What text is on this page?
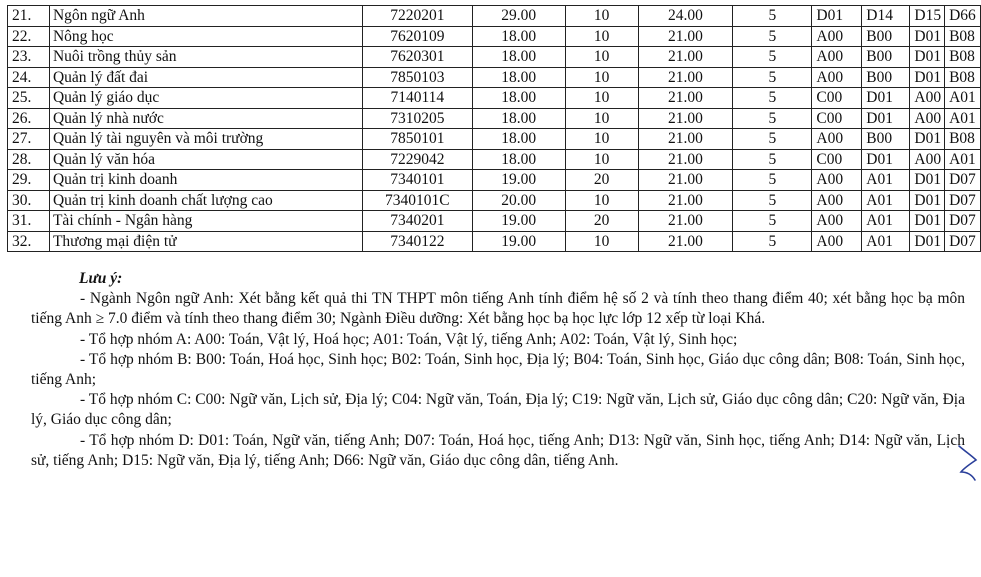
21.	Ngôn ngữ Anh	7220201	29.00	10	24.00	5	D01	D14	D15	D66
22.	Nông học	7620109	18.00	10	21.00	5	A00	B00	D01	B08
23.	Nuôi trồng thủy sản	7620301	18.00	10	21.00	5	A00	B00	D01	B08
24.	Quản lý đất đai	7850103	18.00	10	21.00	5	A00	B00	D01	B08
25.	Quản lý giáo dục	7140114	18.00	10	21.00	5	C00	D01	A00	A01
26.	Quản lý nhà nước	7310205	18.00	10	21.00	5	C00	D01	A00	A01
27.	Quản lý tài nguyên và môi trường	7850101	18.00	10	21.00	5	A00	B00	D01	B08
28.	Quản lý văn hóa	7229042	18.00	10	21.00	5	C00	D01	A00	A01
29.	Quản trị kinh doanh	7340101	19.00	20	21.00	5	A00	A01	D01	D07
30.	Quản trị kinh doanh chất lượng cao	7340101C	20.00	10	21.00	5	A00	A01	D01	D07
31.	Tài chính - Ngân hàng	7340201	19.00	20	21.00	5	A00	A01	D01	D07
32.	Thương mại điện tử	7340122	19.00	10	21.00	5	A00	A01	D01	D07
Lưu ý:

- Ngành Ngôn ngữ Anh: Xét bằng kết quả thi TN THPT môn tiếng Anh tính điểm hệ số 2 và tính theo thang điểm 40; xét bằng học bạ môn tiếng Anh ≥ 7.0 điểm và tính theo thang điểm 30; Ngành Điều dưỡng: Xét bằng học bạ học lực lớp 12 xếp từ loại Khá.

- Tổ hợp nhóm A: A00: Toán, Vật lý, Hoá học; A01: Toán, Vật lý, tiếng Anh; A02: Toán, Vật lý, Sinh học;

- Tổ hợp nhóm B: B00: Toán, Hoá học, Sinh học; B02: Toán, Sinh học, Địa lý; B04: Toán, Sinh học, Giáo dục công dân; B08: Toán, Sinh học, tiếng Anh;

- Tổ hợp nhóm C: C00: Ngữ văn, Lịch sử, Địa lý; C04: Ngữ văn, Toán, Địa lý; C19: Ngữ văn, Lịch sử, Giáo dục công dân; C20: Ngữ văn, Địa lý, Giáo dục công dân;

- Tổ hợp nhóm D: D01: Toán, Ngữ văn, tiếng Anh; D07: Toán, Hoá học, tiếng Anh; D13: Ngữ văn, Sinh học, tiếng Anh; D14: Ngữ văn, Lịch sử, tiếng Anh; D15: Ngữ văn, Địa lý, tiếng Anh; D66: Ngữ văn, Giáo dục công dân, tiếng Anh.
